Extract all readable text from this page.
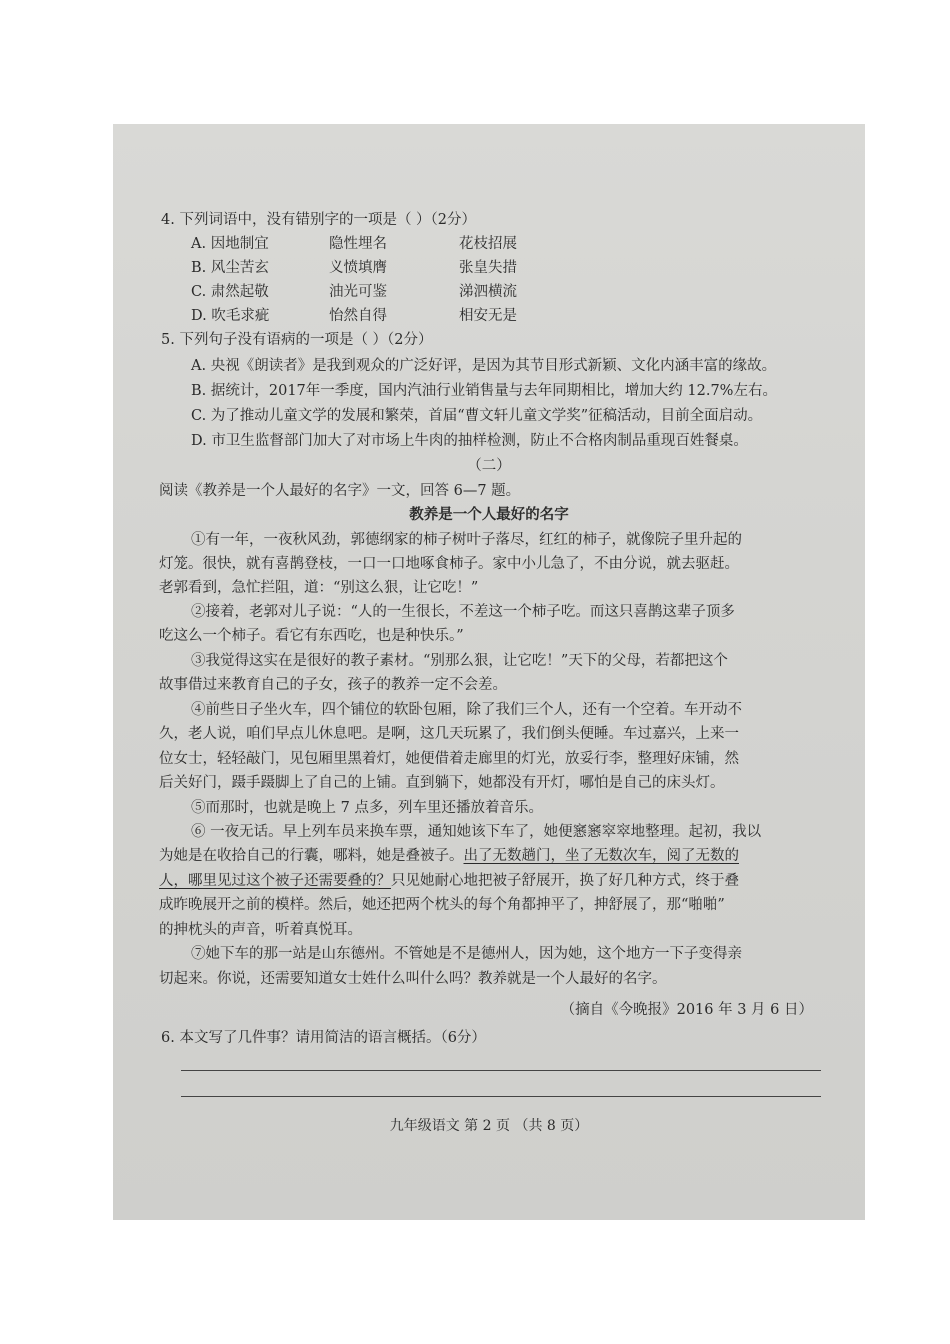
4. 下列词语中，没有错别字的一项是（ ）（2分）
A. 因地制宜	隐性埋名	花枝招展
B. 风尘苦玄	义愤填膺	张皇失措
C. 肃然起敬	油光可鉴	涕泗横流
D. 吹毛求疵	怡然自得	相安无是
5. 下列句子没有语病的一项是（ ）（2分）
A. 央视《朗读者》是我到观众的广泛好评，是因为其节目形式新颖、文化内涵丰富的缘故。
B. 据统计，2017年一季度，国内汽油行业销售量与去年同期相比，增加大约 12.7%左右。
C. 为了推动儿童文学的发展和繁荣，首届“曹文轩儿童文学奖”征稿活动，目前全面启动。
D. 市卫生监督部门加大了对市场上牛肉的抽样检测，防止不合格肉制品重现百姓餐桌。
（二）
阅读《教养是一个人最好的名字》一文，回答 6—7 题。
教养是一个人最好的名字
①有一年，一夜秋风劲，郭德纲家的柿子树叶子落尽，红红的柿子，就像院子里升起的
灯笼。很快，就有喜鹊登枝，一口一口地啄食柿子。家中小儿急了，不由分说，就去驱赶。
老郭看到，急忙拦阻，道：“别这么狠，让它吃！”
②接着，老郭对儿子说：“人的一生很长，不差这一个柿子吃。而这只喜鹊这辈子顶多
吃这么一个柿子。看它有东西吃，也是种快乐。”
③我觉得这实在是很好的教子素材。“别那么狠，让它吃！”天下的父母，若都把这个
故事借过来教育自己的子女，孩子的教养一定不会差。
④前些日子坐火车，四个铺位的软卧包厢，除了我们三个人，还有一个空着。车开动不
久，老人说，咱们早点儿休息吧。是啊，这几天玩累了，我们倒头便睡。车过嘉兴，上来一
位女士，轻轻敲门，见包厢里黑着灯，她便借着走廊里的灯光，放妥行李，整理好床铺，然
后关好门，蹑手蹑脚上了自己的上铺。直到躺下，她都没有开灯，哪怕是自己的床头灯。
⑤而那时，也就是晚上 7 点多，列车里还播放着音乐。
⑥ 一夜无话。早上列车员来换车票，通知她该下车了，她便窸窸窣窣地整理。起初，我以
为她是在收拾自己的行囊，哪料，她是叠被子。出了无数趟门，坐了无数次车，阅了无数的
人，哪里见过这个被子还需要叠的？只见她耐心地把被子舒展开，换了好几种方式，终于叠
成昨晚展开之前的模样。然后，她还把两个枕头的每个角都抻平了，抻舒展了，那“啪啪”
的抻枕头的声音，听着真悦耳。
⑦她下车的那一站是山东德州。不管她是不是德州人，因为她，这个地方一下子变得亲
切起来。你说，还需要知道女士姓什么叫什么吗？教养就是一个人最好的名字。
（摘自《今晚报》2016 年 3 月 6 日）
6. 本文写了几件事？请用简洁的语言概括。（6分）
九年级语文 第 2 页 （共 8 页）
